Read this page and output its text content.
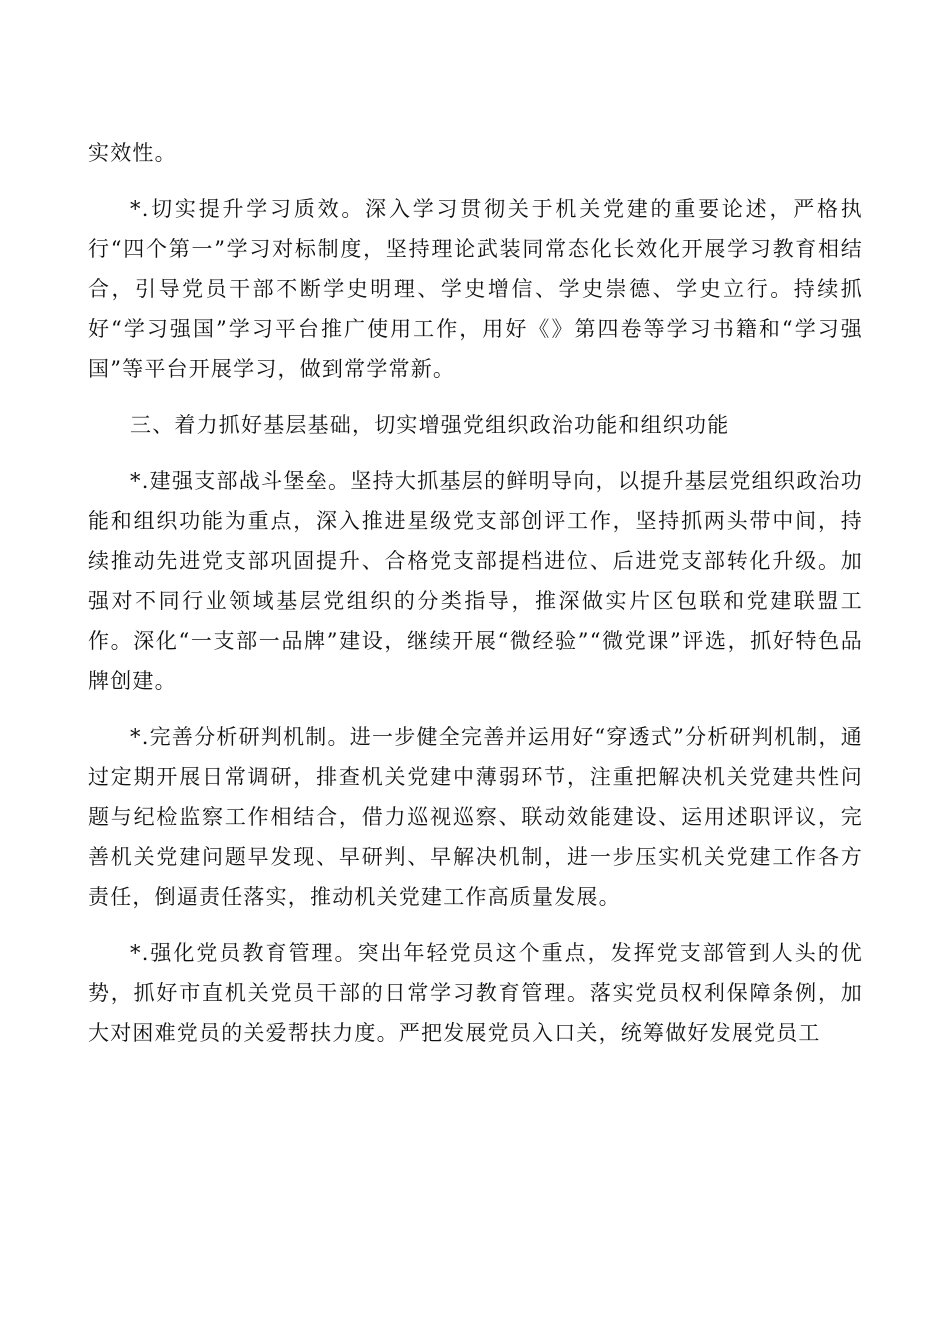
实效性。

*.切实提升学习质效。深入学习贯彻关于机关党建的重要论述，严格执行“四个第一”学习对标制度，坚持理论武装同常态化长效化开展学习教育相结合，引导党员干部不断学史明理、学史增信、学史崇德、学史立行。持续抓好“学习强国”学习平台推广使用工作，用好《》第四卷等学习书籍和“学习强国”等平台开展学习，做到常学常新。

三、着力抓好基层基础，切实增强党组织政治功能和组织功能

*.建强支部战斗堡垒。坚持大抓基层的鲜明导向，以提升基层党组织政治功能和组织功能为重点，深入推进星级党支部创评工作，坚持抓两头带中间，持续推动先进党支部巩固提升、合格党支部提档进位、后进党支部转化升级。加强对不同行业领域基层党组织的分类指导，推深做实片区包联和党建联盟工作。深化“一支部一品牌”建设，继续开展“微经验”“微党课”评选，抓好特色品牌创建。

*.完善分析研判机制。进一步健全完善并运用好“穿透式”分析研判机制，通过定期开展日常调研，排查机关党建中薄弱环节，注重把解决机关党建共性问题与纪检监察工作相结合，借力巡视巡察、联动效能建设、运用述职评议，完善机关党建问题早发现、早研判、早解决机制，进一步压实机关党建工作各方责任，倒逼责任落实，推动机关党建工作高质量发展。

*.强化党员教育管理。突出年轻党员这个重点，发挥党支部管到人头的优势，抓好市直机关党员干部的日常学习教育管理。落实党员权利保障条例，加大对困难党员的关爱帮扶力度。严把发展党员入口关，统筹做好发展党员工
